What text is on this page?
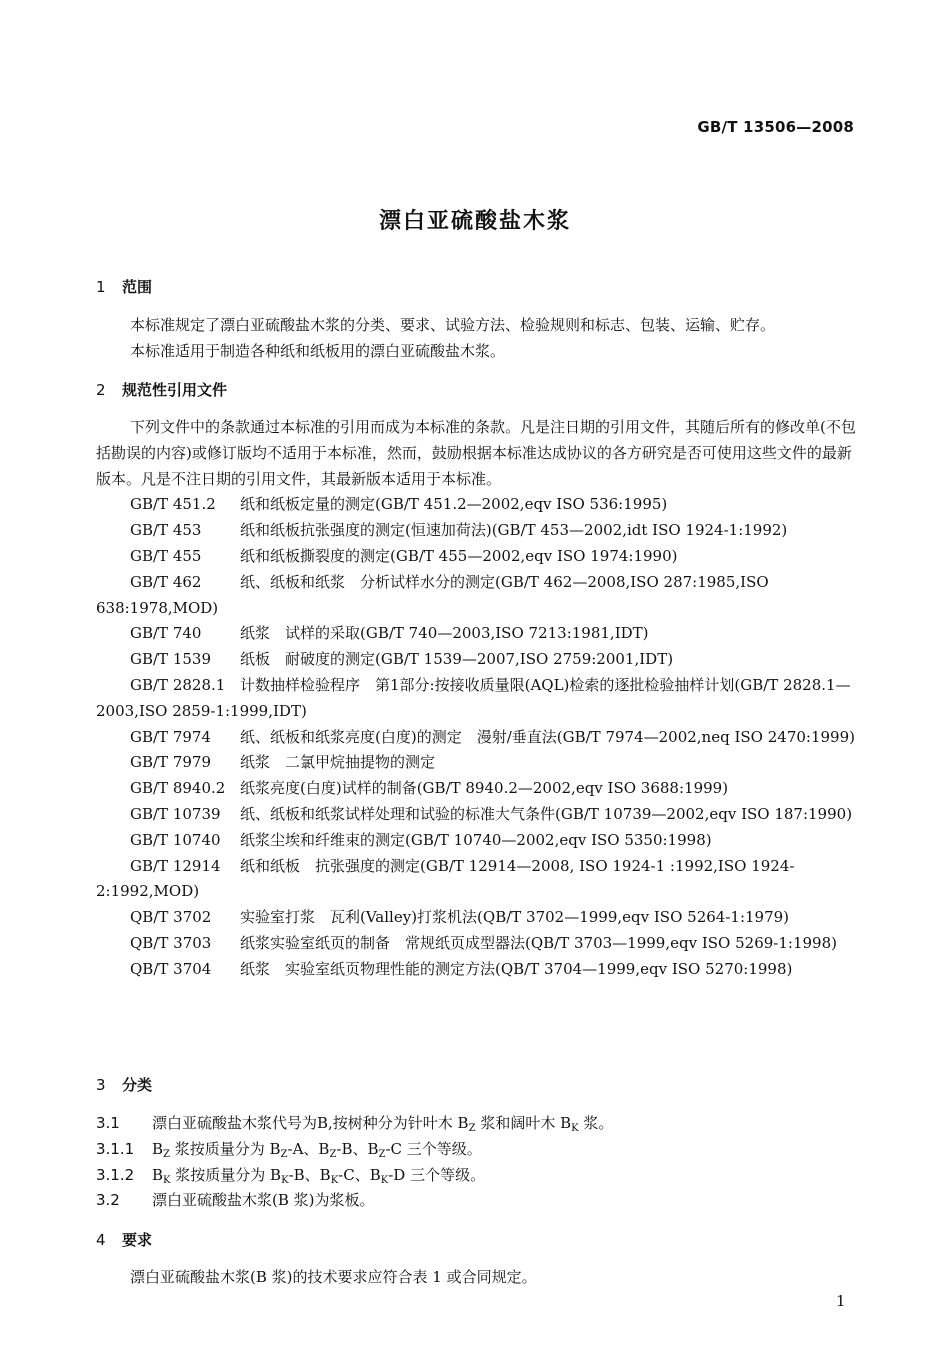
GB/T 13506—2008
漂白亚硫酸盐木浆
1 范围

本标准规定了漂白亚硫酸盐木浆的分类、要求、试验方法、检验规则和标志、包装、运输、贮存。

本标准适用于制造各种纸和纸板用的漂白亚硫酸盐木浆。

2 规范性引用文件

下列文件中的条款通过本标准的引用而成为本标准的条款。凡是注日期的引用文件，其随后所有的修改单(不包括勘误的内容)或修订版均不适用于本标准，然而，鼓励根据本标准达成协议的各方研究是否可使用这些文件的最新版本。凡是不注日期的引用文件，其最新版本适用于本标准。

GB/T 451.2 纸和纸板定量的测定(GB/T 451.2—2002,eqv ISO 536:1995)

GB/T 453	纸和纸板抗张强度的测定(恒速加荷法)(GB/T 453—2002,idt ISO 1924-1:1992)

GB/T 455	纸和纸板撕裂度的测定(GB/T 455—2002,eqv ISO 1974:1990)

GB/T 462	纸、纸板和纸浆　分析试样水分的测定(GB/T 462—2008,ISO 287:1985,ISO 638:1978,MOD)

GB/T 740	纸浆　试样的采取(GB/T 740—2003,ISO 7213:1981,IDT)

GB/T 1539 纸板　耐破度的测定(GB/T 1539—2007,ISO 2759:2001,IDT)

GB/T 2828.1 计数抽样检验程序　第1部分:按接收质量限(AQL)检索的逐批检验抽样计划(GB/T 2828.1—2003,ISO 2859-1:1999,IDT)

GB/T 7974 纸、纸板和纸浆亮度(白度)的测定　漫射/垂直法(GB/T 7974—2002,neq ISO 2470:1999)

GB/T 7979 纸浆　二氯甲烷抽提物的测定

GB/T 8940.2 纸浆亮度(白度)试样的制备(GB/T 8940.2—2002,eqv ISO 3688:1999)

GB/T 10739 纸、纸板和纸浆试样处理和试验的标准大气条件(GB/T 10739—2002,eqv ISO 187:1990)

GB/T 10740 纸浆尘埃和纤维束的测定(GB/T 10740—2002,eqv ISO 5350:1998)

GB/T 12914 纸和纸板　抗张强度的测定(GB/T 12914—2008, ISO 1924-1 :1992,ISO 1924-2:1992,MOD)

QB/T 3702 实验室打浆　瓦利(Valley)打浆机法(QB/T 3702—1999,eqv ISO 5264-1:1979)

QB/T 3703 纸浆实验室纸页的制备　常规纸页成型器法(QB/T 3703—1999,eqv ISO 5269-1:1998)

QB/T 3704 纸浆　实验室纸页物理性能的测定方法(QB/T 3704—1999,eqv ISO 5270:1998)

3 分类

3.1 漂白亚硫酸盐木浆代号为B,按树种分为针叶木 $B_Z$ 浆和阔叶木 $B_K$ 浆。

3.1.1 $B_Z$ 浆按质量分为 $B_Z-A$、$B_Z-B$、$B_Z-C$ 三个等级。

3.1.2 $B_K$ 浆按质量分为 $B_K-B$、$B_K-C$、$B_K-D$ 三个等级。

3.2 漂白亚硫酸盐木浆(B 浆)为浆板。

4 要求

漂白亚硫酸盐木浆(B 浆)的技术要求应符合表 1 或合同规定。

1
